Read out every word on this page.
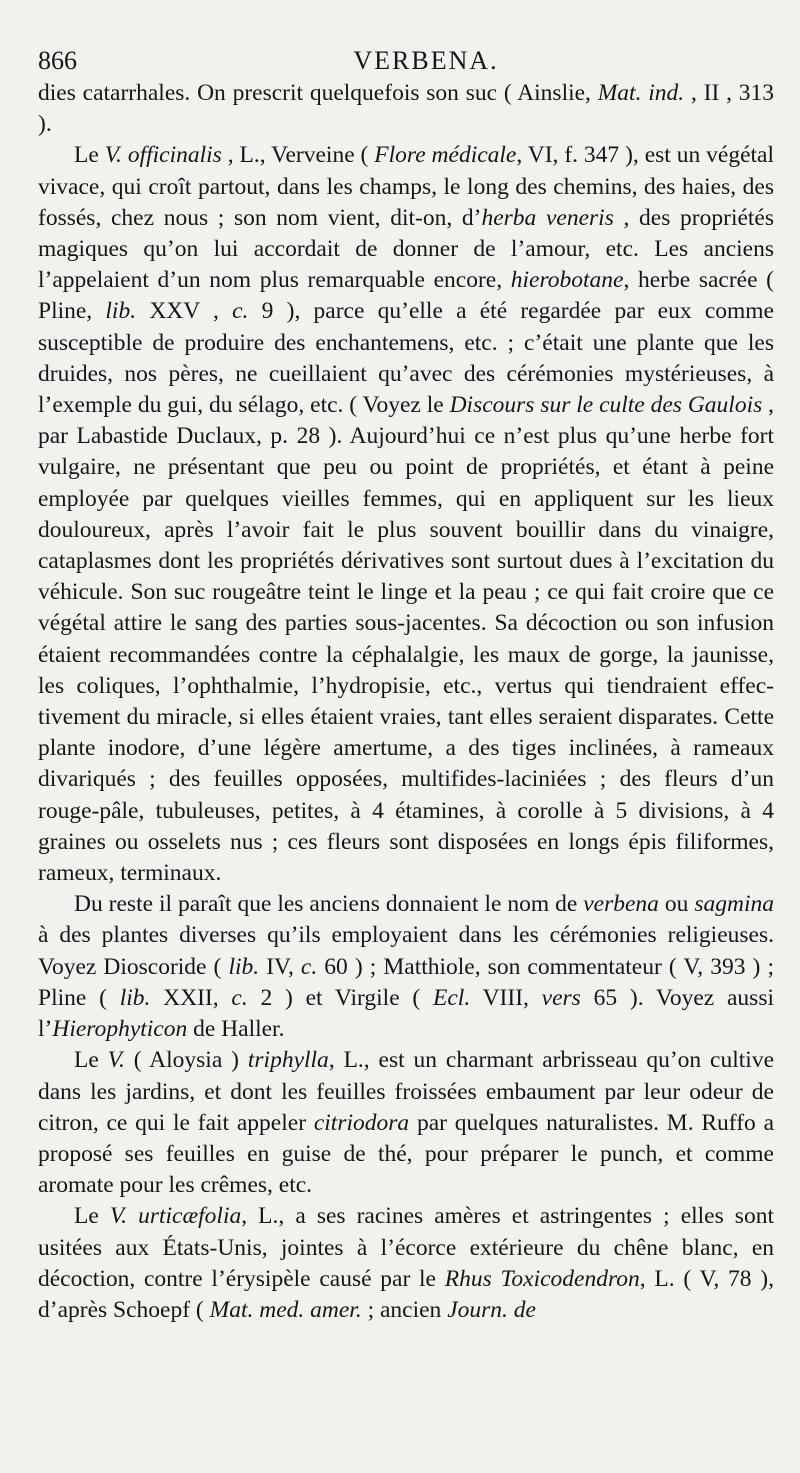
866	VERBENA.

dies catarrhales. On prescrit quelquefois son suc ( Ainslie, Mat. ind. , II , 313 ).

Le V. officinalis , L., Verveine ( Flore médicale, VI, f. 347 ), est un végétal vivace, qui croît partout, dans les champs, le long des chemins, des haies, des fossés, chez nous ; son nom vient, dit-on, d’herba veneris , des propriétés magiques qu’on lui accordait de donner de l’amour, etc. Les anciens l’appelaient d’un nom plus remarquable encore, hierobotane, herbe sacrée ( Pline, lib. XXV , c. 9 ), parce qu’elle a été regardée par eux comme susceptible de produire des enchantemens, etc. ; c’était une plante que les druides, nos pères, ne cueillaient qu’avec des cérémonies mystérieuses, à l’exemple du gui, du sélago, etc. ( Voyez le Discours sur le culte des Gaulois , par Labastide Duclaux, p. 28 ). Aujourd’hui ce n’est plus qu’une herbe fort vulgaire, ne présentant que peu ou point de propriétés, et étant à peine employée par quelques vieilles femmes, qui en appliquent sur les lieux douloureux, après l’avoir fait le plus souvent bouillir dans du vinaigre, cataplasmes dont les propriétés dérivatives sont surtout dues à l’excitation du véhicule. Son suc rougeâtre teint le linge et la peau ; ce qui fait croire que ce végétal attire le sang des parties sous-jacentes. Sa décoction ou son infusion étaient recommandées contre la céphalalgie, les maux de gorge, la jaunisse, les coliques, l’ophthalmie, l’hydropisie, etc., vertus qui tiendraient effectivement du miracle, si elles étaient vraies, tant elles seraient disparates. Cette plante inodore, d’une légère amertume, a des tiges inclinées, à rameaux divariqués ; des feuilles opposées, multifides-laciniées ; des fleurs d’un rouge-pâle, tubuleuses, petites, à 4 étamines, à corolle à 5 divisions, à 4 graines ou osselets nus ; ces fleurs sont disposées en longs épis filiformes, rameux, terminaux.

Du reste il paraît que les anciens donnaient le nom de verbena ou sagmina à des plantes diverses qu’ils employaient dans les cérémonies religieuses. Voyez Dioscoride ( lib. IV, c. 60 ) ; Matthiole, son commentateur ( V, 393 ) ; Pline ( lib. XXII, c. 2 ) et Virgile ( Ecl. VIII, vers 65 ). Voyez aussi l’Hierophyticon de Haller.

Le V. ( Aloysia ) triphylla, L., est un charmant arbrisseau qu’on cultive dans les jardins, et dont les feuilles froissées embaument par leur odeur de citron, ce qui le fait appeler citriodora par quelques naturalistes. M. Ruffo a proposé ses feuilles en guise de thé, pour préparer le punch, et comme aromate pour les crêmes, etc.

Le V. urticæfolia, L., a ses racines amères et astringentes ; elles sont usitées aux États-Unis, jointes à l’écorce extérieure du chêne blanc, en décoction, contre l’érysipèle causé par le Rhus Toxicodendron, L. ( V, 78 ), d’après Schoepf ( Mat. med. amer. ; ancien Journ. de
